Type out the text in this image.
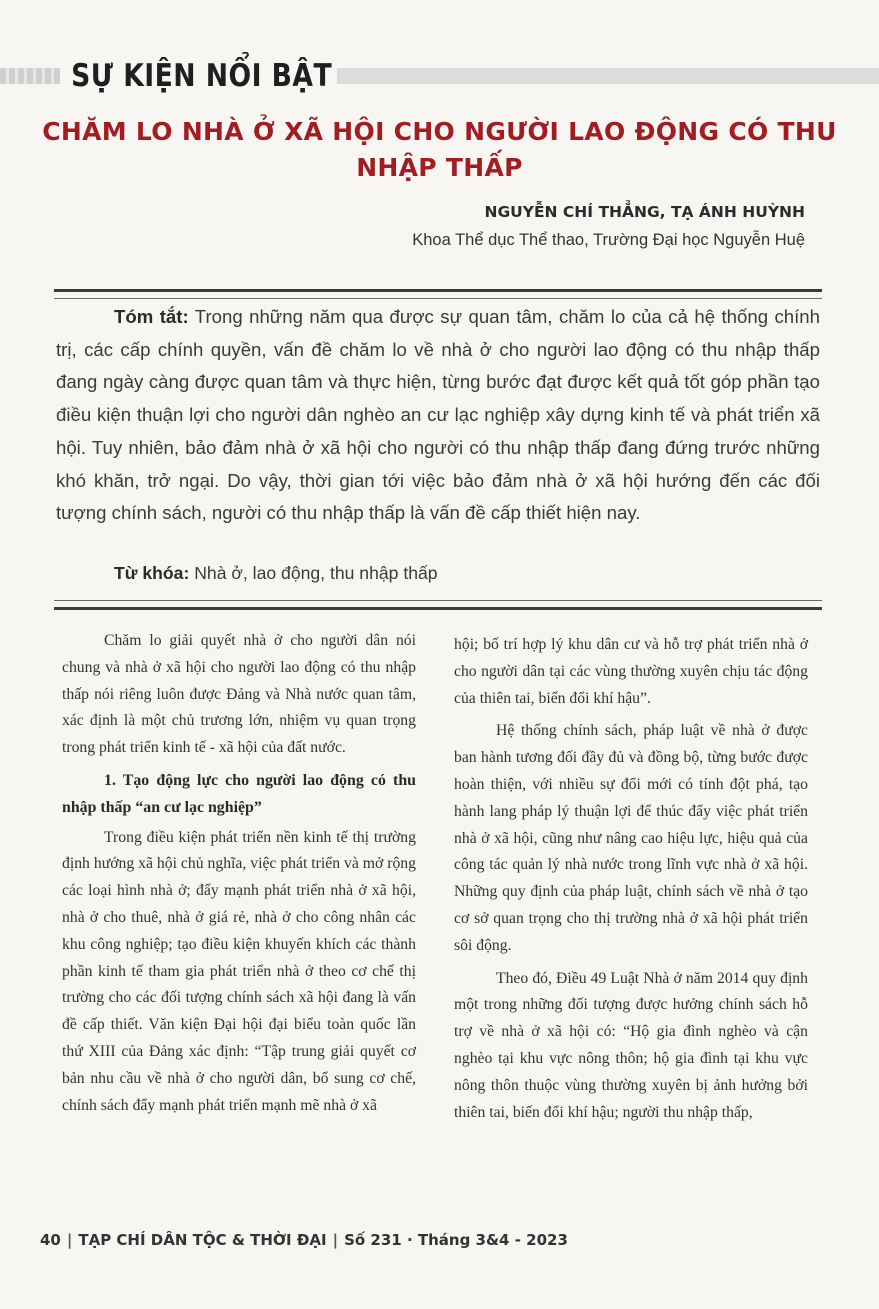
SỰ KIỆN NỔI BẬT
CHĂM LO NHÀ Ở XÃ HỘI CHO NGƯỜI LAO ĐỘNG CÓ THU NHẬP THẤP
NGUYỄN CHÍ THẲNG, TẠ ÁNH HUỲNH
Khoa Thể dục Thể thao, Trường Đại học Nguyễn Huệ

Tóm tắt: Trong những năm qua được sự quan tâm, chăm lo của cả hệ thống chính trị, các cấp chính quyền, vấn đề chăm lo về nhà ở cho người lao động có thu nhập thấp đang ngày càng được quan tâm và thực hiện, từng bước đạt được kết quả tốt góp phần tạo điều kiện thuận lợi cho người dân nghèo an cư lạc nghiệp xây dựng kinh tế và phát triển xã hội. Tuy nhiên, bảo đảm nhà ở xã hội cho người có thu nhập thấp đang đứng trước những khó khăn, trở ngại. Do vậy, thời gian tới việc bảo đảm nhà ở xã hội hướng đến các đối tượng chính sách, người có thu nhập thấp là vấn đề cấp thiết hiện nay.

Từ khóa: Nhà ở, lao động, thu nhập thấp

Chăm lo giải quyết nhà ở cho người dân nói chung và nhà ở xã hội cho người lao động có thu nhập thấp nói riêng luôn được Đảng và Nhà nước quan tâm, xác định là một chủ trương lớn, nhiệm vụ quan trọng trong phát triển kinh tế - xã hội của đất nước.

1. Tạo động lực cho người lao động có thu nhập thấp “an cư lạc nghiệp”

Trong điều kiện phát triển nền kinh tế thị trường định hướng xã hội chủ nghĩa, việc phát triển và mở rộng các loại hình nhà ở; đẩy mạnh phát triển nhà ở xã hội, nhà ở cho thuê, nhà ở giá rẻ, nhà ở cho công nhân các khu công nghiệp; tạo điều kiện khuyến khích các thành phần kinh tế tham gia phát triển nhà ở theo cơ chế thị trường cho các đối tượng chính sách xã hội đang là vấn đề cấp thiết. Văn kiện Đại hội đại biểu toàn quốc lần thứ XIII của Đảng xác định: “Tập trung giải quyết cơ bản nhu cầu về nhà ở cho người dân, bổ sung cơ chế, chính sách đẩy mạnh phát triển mạnh mẽ nhà ở xã

hội; bố trí hợp lý khu dân cư và hỗ trợ phát triển nhà ở cho người dân tại các vùng thường xuyên chịu tác động của thiên tai, biến đổi khí hậu”.

Hệ thống chính sách, pháp luật về nhà ở được ban hành tương đối đầy đủ và đồng bộ, từng bước được hoàn thiện, với nhiều sự đổi mới có tính đột phá, tạo hành lang pháp lý thuận lợi để thúc đẩy việc phát triển nhà ở xã hội, cũng như nâng cao hiệu lực, hiệu quả của công tác quản lý nhà nước trong lĩnh vực nhà ở xã hội. Những quy định của pháp luật, chính sách về nhà ở tạo cơ sở quan trọng cho thị trường nhà ở xã hội phát triển sôi động.

Theo đó, Điều 49 Luật Nhà ở năm 2014 quy định một trong những đối tượng được hưởng chính sách hỗ trợ về nhà ở xã hội có: “Hộ gia đình nghèo và cận nghèo tại khu vực nông thôn; hộ gia đình tại khu vực nông thôn thuộc vùng thường xuyên bị ảnh hưởng bởi thiên tai, biến đổi khí hậu; người thu nhập thấp,

40 | TẠP CHÍ DÂN TỘC & THỜI ĐẠI | Số 231 · Tháng 3&4 - 2023
